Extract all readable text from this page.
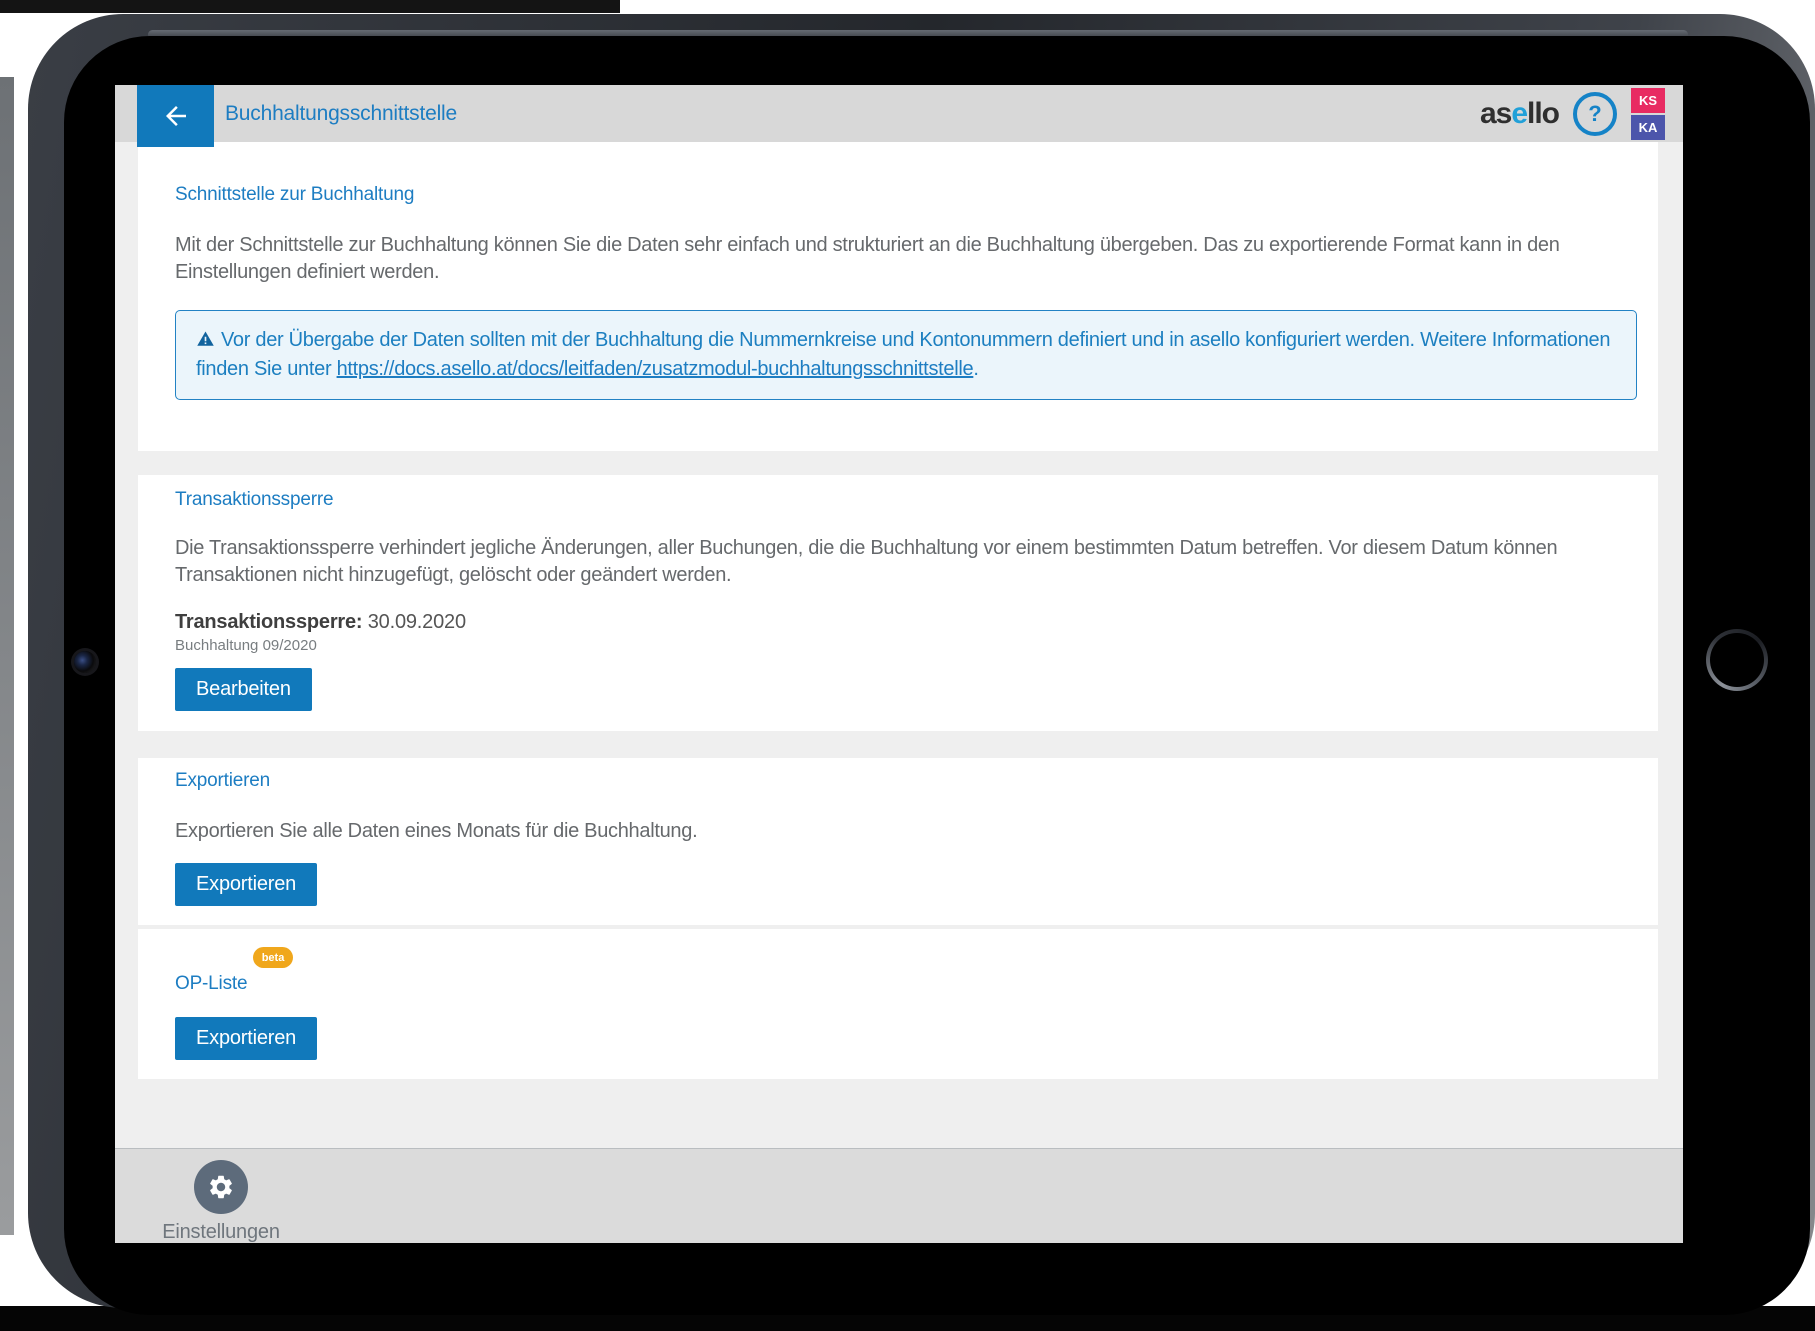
Buchhaltungsschnittstelle	asello ?
KS
KA
Schnittstelle zur Buchhaltung

Mit der Schnittstelle zur Buchhaltung können Sie die Daten sehr einfach und strukturiert an die Buchhaltung übergeben. Das zu exportierende Format kann in den Einstellungen definiert werden.

Vor der Übergabe der Daten sollten mit der Buchhaltung die Nummernkreise und Kontonummern definiert und in asello konfiguriert werden. Weitere Informationen finden Sie unter https://docs.asello.at/docs/leitfaden/zusatzmodul-buchhaltungsschnittstelle.
Transaktionssperre

Die Transaktionssperre verhindert jegliche Änderungen, aller Buchungen, die die Buchhaltung vor einem bestimmten Datum betreffen. Vor diesem Datum können Transaktionen nicht hinzugefügt, gelöscht oder geändert werden.

Transaktionssperre: 30.09.2020
Buchhaltung 09/2020
Bearbeiten
Exportieren

Exportieren Sie alle Daten eines Monats für die Buchhaltung.

Exportieren
beta
OP-Liste
Exportieren
Einstellungen
